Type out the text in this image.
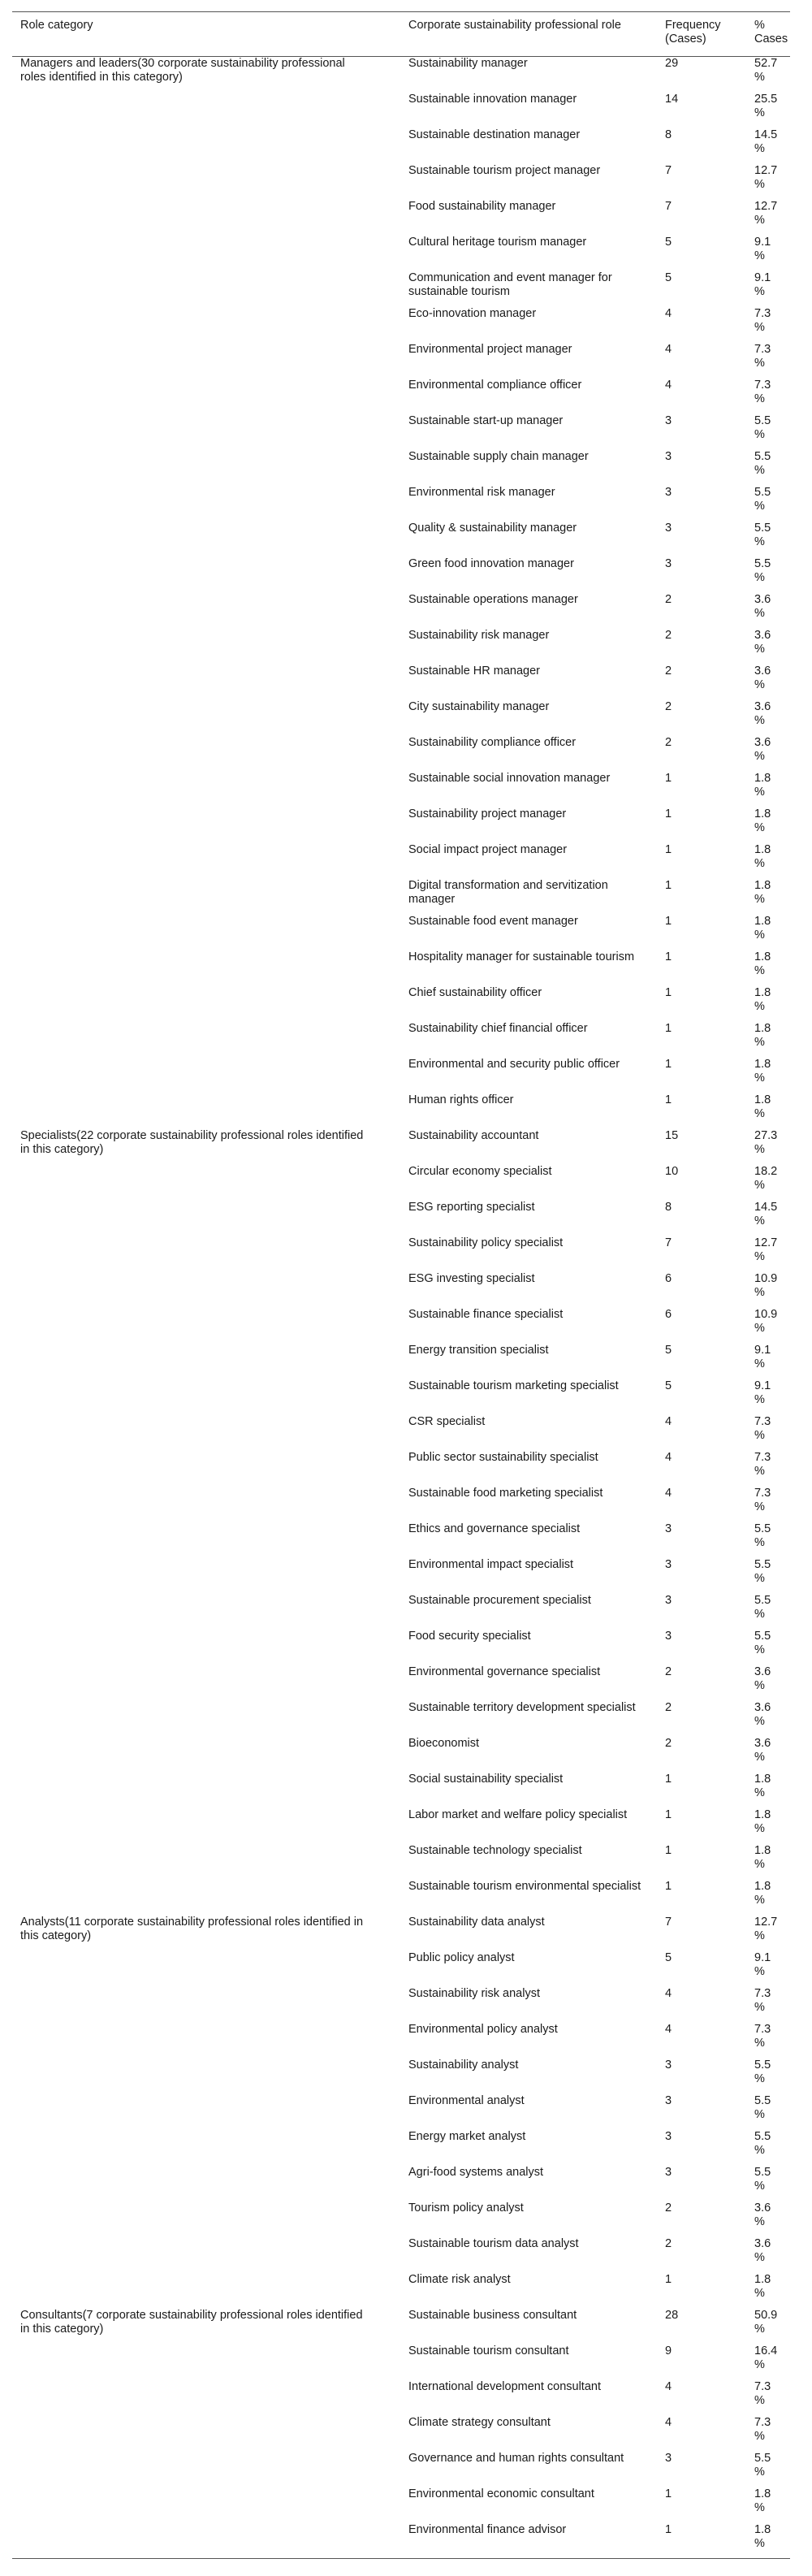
Role category	Corporate sustainability professional role	Frequency (Cases)	% Cases
Managers and leaders(30 corporate sustainability professional roles identified in this category)	Sustainability manager	29	52.7 %
	Sustainable innovation manager	14	25.5 %
	Sustainable destination manager	8	14.5 %
	Sustainable tourism project manager	7	12.7 %
	Food sustainability manager	7	12.7 %
	Cultural heritage tourism manager	5	9.1 %
	Communication and event manager for sustainable tourism	5	9.1 %
	Eco-innovation manager	4	7.3 %
	Environmental project manager	4	7.3 %
	Environmental compliance officer	4	7.3 %
	Sustainable start-up manager	3	5.5 %
	Sustainable supply chain manager	3	5.5 %
	Environmental risk manager	3	5.5 %
	Quality & sustainability manager	3	5.5 %
	Green food innovation manager	3	5.5 %
	Sustainable operations manager	2	3.6 %
	Sustainability risk manager	2	3.6 %
	Sustainable HR manager	2	3.6 %
	City sustainability manager	2	3.6 %
	Sustainability compliance officer	2	3.6 %
	Sustainable social innovation manager	1	1.8 %
	Sustainability project manager	1	1.8 %
	Social impact project manager	1	1.8 %
	Digital transformation and servitization manager	1	1.8 %
	Sustainable food event manager	1	1.8 %
	Hospitality manager for sustainable tourism	1	1.8 %
	Chief sustainability officer	1	1.8 %
	Sustainability chief financial officer	1	1.8 %
	Environmental and security public officer	1	1.8 %
	Human rights officer	1	1.8 %
Specialists(22 corporate sustainability professional roles identified in this category)	Sustainability accountant	15	27.3 %
	Circular economy specialist	10	18.2 %
	ESG reporting specialist	8	14.5 %
	Sustainability policy specialist	7	12.7 %
	ESG investing specialist	6	10.9 %
	Sustainable finance specialist	6	10.9 %
	Energy transition specialist	5	9.1 %
	Sustainable tourism marketing specialist	5	9.1 %
	CSR specialist	4	7.3 %
	Public sector sustainability specialist	4	7.3 %
	Sustainable food marketing specialist	4	7.3 %
	Ethics and governance specialist	3	5.5 %
	Environmental impact specialist	3	5.5 %
	Sustainable procurement specialist	3	5.5 %
	Food security specialist	3	5.5 %
	Environmental governance specialist	2	3.6 %
	Sustainable territory development specialist	2	3.6 %
	Bioeconomist	2	3.6 %
	Social sustainability specialist	1	1.8 %
	Labor market and welfare policy specialist	1	1.8 %
	Sustainable technology specialist	1	1.8 %
	Sustainable tourism environmental specialist	1	1.8 %
Analysts(11 corporate sustainability professional roles identified in this category)	Sustainability data analyst	7	12.7 %
	Public policy analyst	5	9.1 %
	Sustainability risk analyst	4	7.3 %
	Environmental policy analyst	4	7.3 %
	Sustainability analyst	3	5.5 %
	Environmental analyst	3	5.5 %
	Energy market analyst	3	5.5 %
	Agri-food systems analyst	3	5.5 %
	Tourism policy analyst	2	3.6 %
	Sustainable tourism data analyst	2	3.6 %
	Climate risk analyst	1	1.8 %
Consultants(7 corporate sustainability professional roles identified in this category)	Sustainable business consultant	28	50.9 %
	Sustainable tourism consultant	9	16.4 %
	International development consultant	4	7.3 %
	Climate strategy consultant	4	7.3 %
	Governance and human rights consultant	3	5.5 %
	Environmental economic consultant	1	1.8 %
	Environmental finance advisor	1	1.8 %
